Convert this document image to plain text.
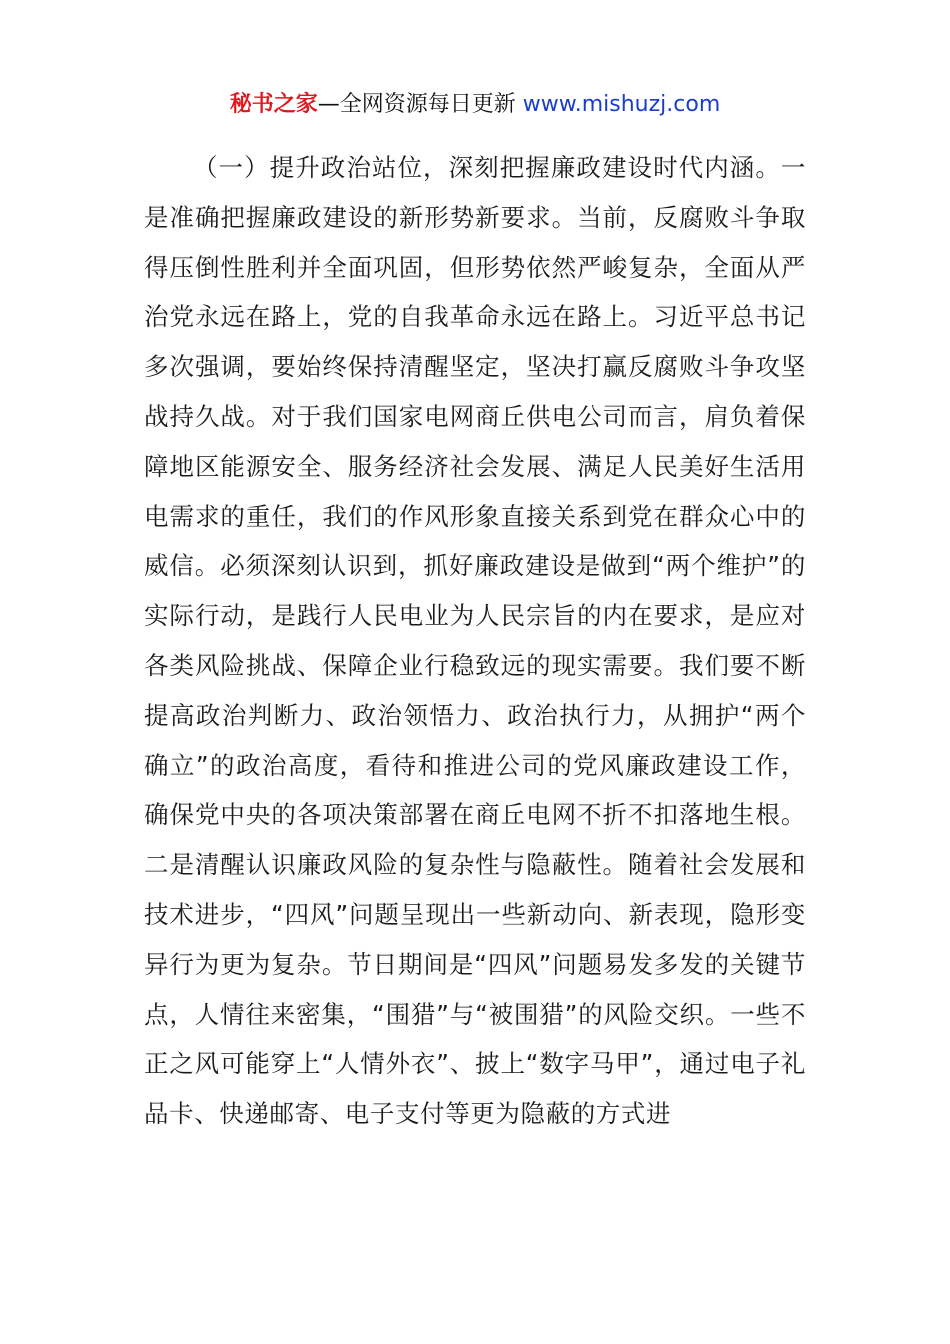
秘书之家—全网资源每日更新 www.mishuzj.com

（一）提升政治站位，深刻把握廉政建设时代内涵。一是准确把握廉政建设的新形势新要求。当前，反腐败斗争取得压倒性胜利并全面巩固，但形势依然严峻复杂，全面从严治党永远在路上，党的自我革命永远在路上。习近平总书记多次强调，要始终保持清醒坚定，坚决打赢反腐败斗争攻坚战持久战。对于我们国家电网商丘供电公司而言，肩负着保障地区能源安全、服务经济社会发展、满足人民美好生活用电需求的重任，我们的作风形象直接关系到党在群众心中的威信。必须深刻认识到，抓好廉政建设是做到“两个维护”的实际行动，是践行人民电业为人民宗旨的内在要求，是应对各类风险挑战、保障企业行稳致远的现实需要。我们要不断提高政治判断力、政治领悟力、政治执行力，从拥护“两个确立”的政治高度，看待和推进公司的党风廉政建设工作，确保党中央的各项决策部署在商丘电网不折不扣落地生根。二是清醒认识廉政风险的复杂性与隐蔽性。随着社会发展和技术进步，“四风”问题呈现出一些新动向、新表现，隐形变异行为更为复杂。节日期间是“四风”问题易发多发的关键节点，人情往来密集，“围猎”与“被围猎”的风险交织。一些不正之风可能穿上“人情外衣”、披上“数字马甲”，通过电子礼品卡、快递邮寄、电子支付等更为隐蔽的方式进
